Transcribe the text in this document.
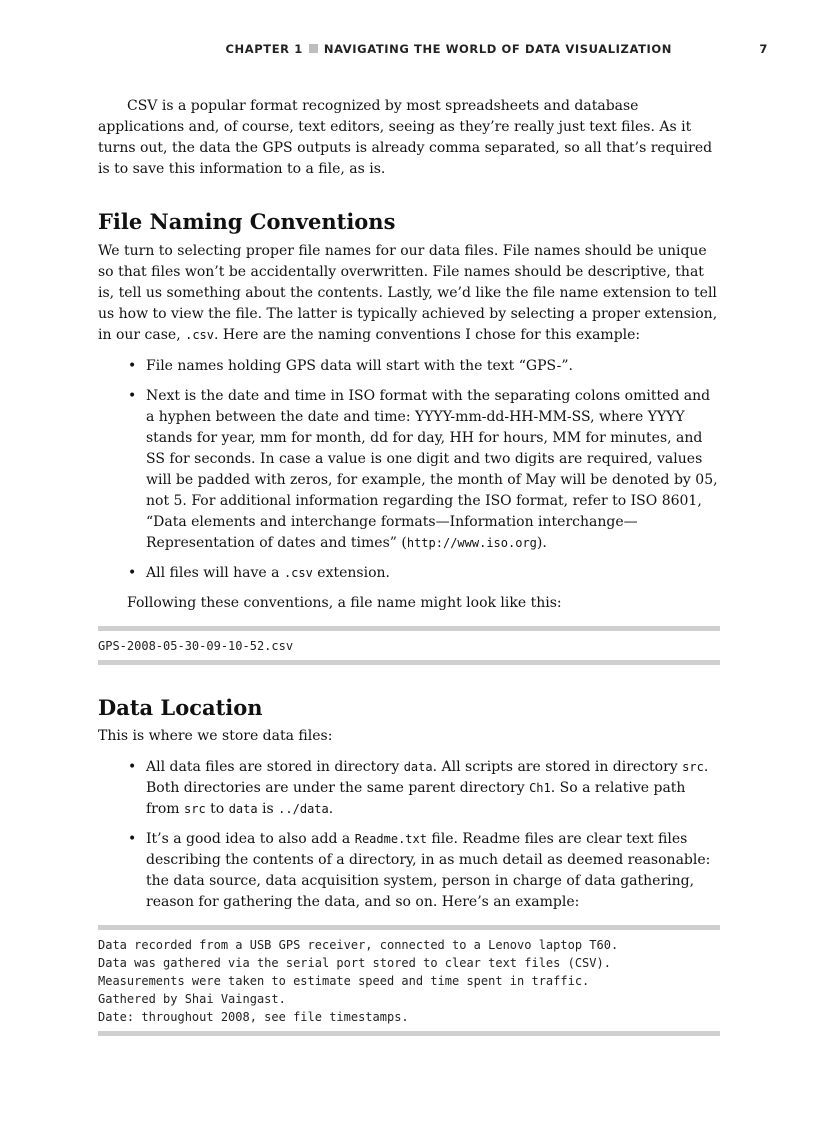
CHAPTER 1 NAVIGATING THE WORLD OF DATA VISUALIZATION	7

CSV is a popular format recognized by most spreadsheets and database applications and, of course, text editors, seeing as they’re really just text files. As it turns out, the data the GPS outputs is already comma separated, so all that’s required is to save this information to a file, as is.

File Naming Conventions

We turn to selecting proper file names for our data files. File names should be unique so that files won’t be accidentally overwritten. File names should be descriptive, that is, tell us something about the contents. Lastly, we’d like the file name extension to tell us how to view the file. The latter is typically achieved by selecting a proper extension, in our case, .csv. Here are the naming conventions I chose for this example:

• File names holding GPS data will start with the text “GPS-”.
• Next is the date and time in ISO format with the separating colons omitted and a hyphen between the date and time: YYYY-mm-dd-HH-MM-SS, where YYYY stands for year, mm for month, dd for day, HH for hours, MM for minutes, and SS for seconds. In case a value is one digit and two digits are required, values will be padded with zeros, for example, the month of May will be denoted by 05, not 5. For additional information regarding the ISO format, refer to ISO 8601, “Data elements and interchange formats—Information interchange—Representation of dates and times” (http://www.iso.org).
• All files will have a .csv extension.

Following these conventions, a file name might look like this:

GPS-2008-05-30-09-10-52.csv
Data Location

This is where we store data files:

• All data files are stored in directory data. All scripts are stored in directory src. Both directories are under the same parent directory Ch1. So a relative path from src to data is ../data.
• It’s a good idea to also add a Readme.txt file. Readme files are clear text files describing the contents of a directory, in as much detail as deemed reasonable: the data source, data acquisition system, person in charge of data gathering, reason for gathering the data, and so on. Here’s an example:
Data recorded from a USB GPS receiver, connected to a Lenovo laptop T60.
Data was gathered via the serial port stored to clear text files (CSV).
Measurements were taken to estimate speed and time spent in traffic.
Gathered by Shai Vaingast.
Date: throughout 2008, see file timestamps.
